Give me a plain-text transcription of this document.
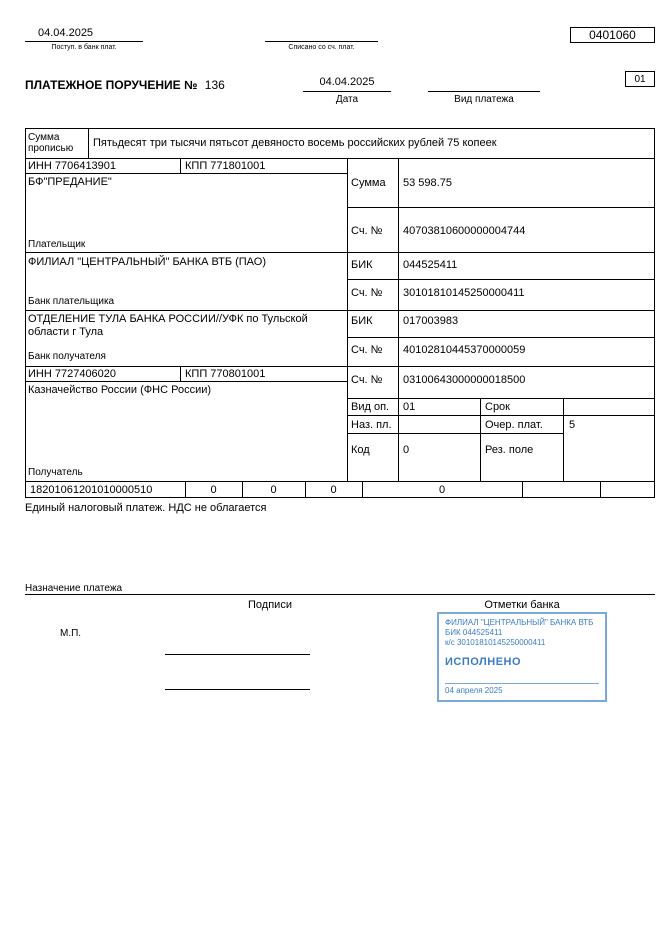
04.04.2025
Поступ. в банк плат.	Списано со сч. плат.
0401060
ПЛАТЕЖНОЕ ПОРУЧЕНИЕ № 136	04.04.2025
Дата	Вид платежа
01
Сумма прописью	Пятьдесят три тысячи пятьсот девяносто восемь российских рублей 75 копеек
ИНН 7706413901	КПП 771801001
БФ"ПРЕДАНИЕ"
Плательщик
Сумма 53 598.75
Сч. № 40703810600000004744
ФИЛИАЛ "ЦЕНТРАЛЬНЫЙ" БАНКА ВТБ (ПАО)
Банк плательщика
БИК	044525411
Сч. № 30101810145250000411
ОТДЕЛЕНИЕ ТУЛА БАНКА РОССИИ//УФК по Тульской области г Тула
Банк получателя
БИК	017003983
Сч. № 40102810445370000059
ИНН 7727406020	КПП 770801001
Казначейство России (ФНС России)
Получатель
Сч. № 03100643000000018500
Вид оп. 01	Срок
Наз. пл.	Очер. плат. 5
Код	0	Рез. поле
18201061201010000510	0	0	0	0
Единый налоговый платеж. НДС не облагается
Назначение платежа
Подписи	Отметки банка
М.П.
ФИЛИАЛ "ЦЕНТРАЛЬНЫЙ" БАНКА ВТБ
БИК 044525411
к/с 30101810145250000411
ИСПОЛНЕНО
04 апреля 2025
